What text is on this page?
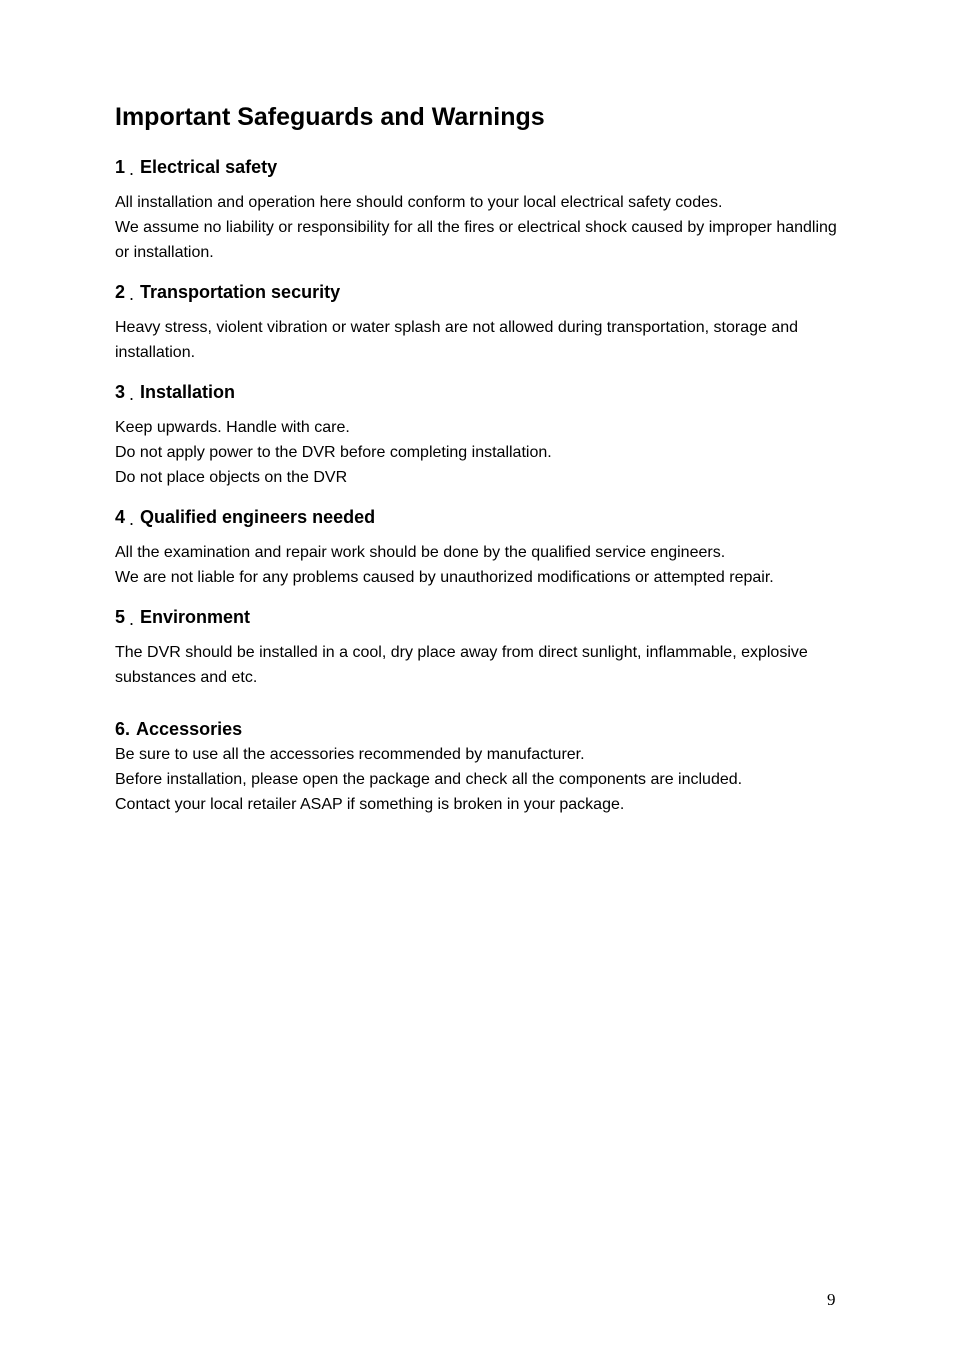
Important Safeguards and Warnings
1 . Electrical safety

All installation and operation here should conform to your local electrical safety codes.

We assume no liability or responsibility for all the fires or electrical shock caused by improper handling or installation.

2 . Transportation security

Heavy stress, violent vibration or water splash are not allowed during transportation, storage and installation.

3 . Installation

Keep upwards. Handle with care.

Do not apply power to the DVR before completing installation.

Do not place objects on the DVR

4 . Qualified engineers needed

All the examination and repair work should be done by the qualified service engineers.

We are not liable for any problems caused by unauthorized modifications or attempted repair.

5 . Environment

The DVR should be installed in a cool, dry place away from direct sunlight, inflammable, explosive substances and etc.

6. Accessories

Be sure to use all the accessories recommended by manufacturer.

Before installation, please open the package and check all the components are included.

Contact your local retailer ASAP if something is broken in your package.

9
